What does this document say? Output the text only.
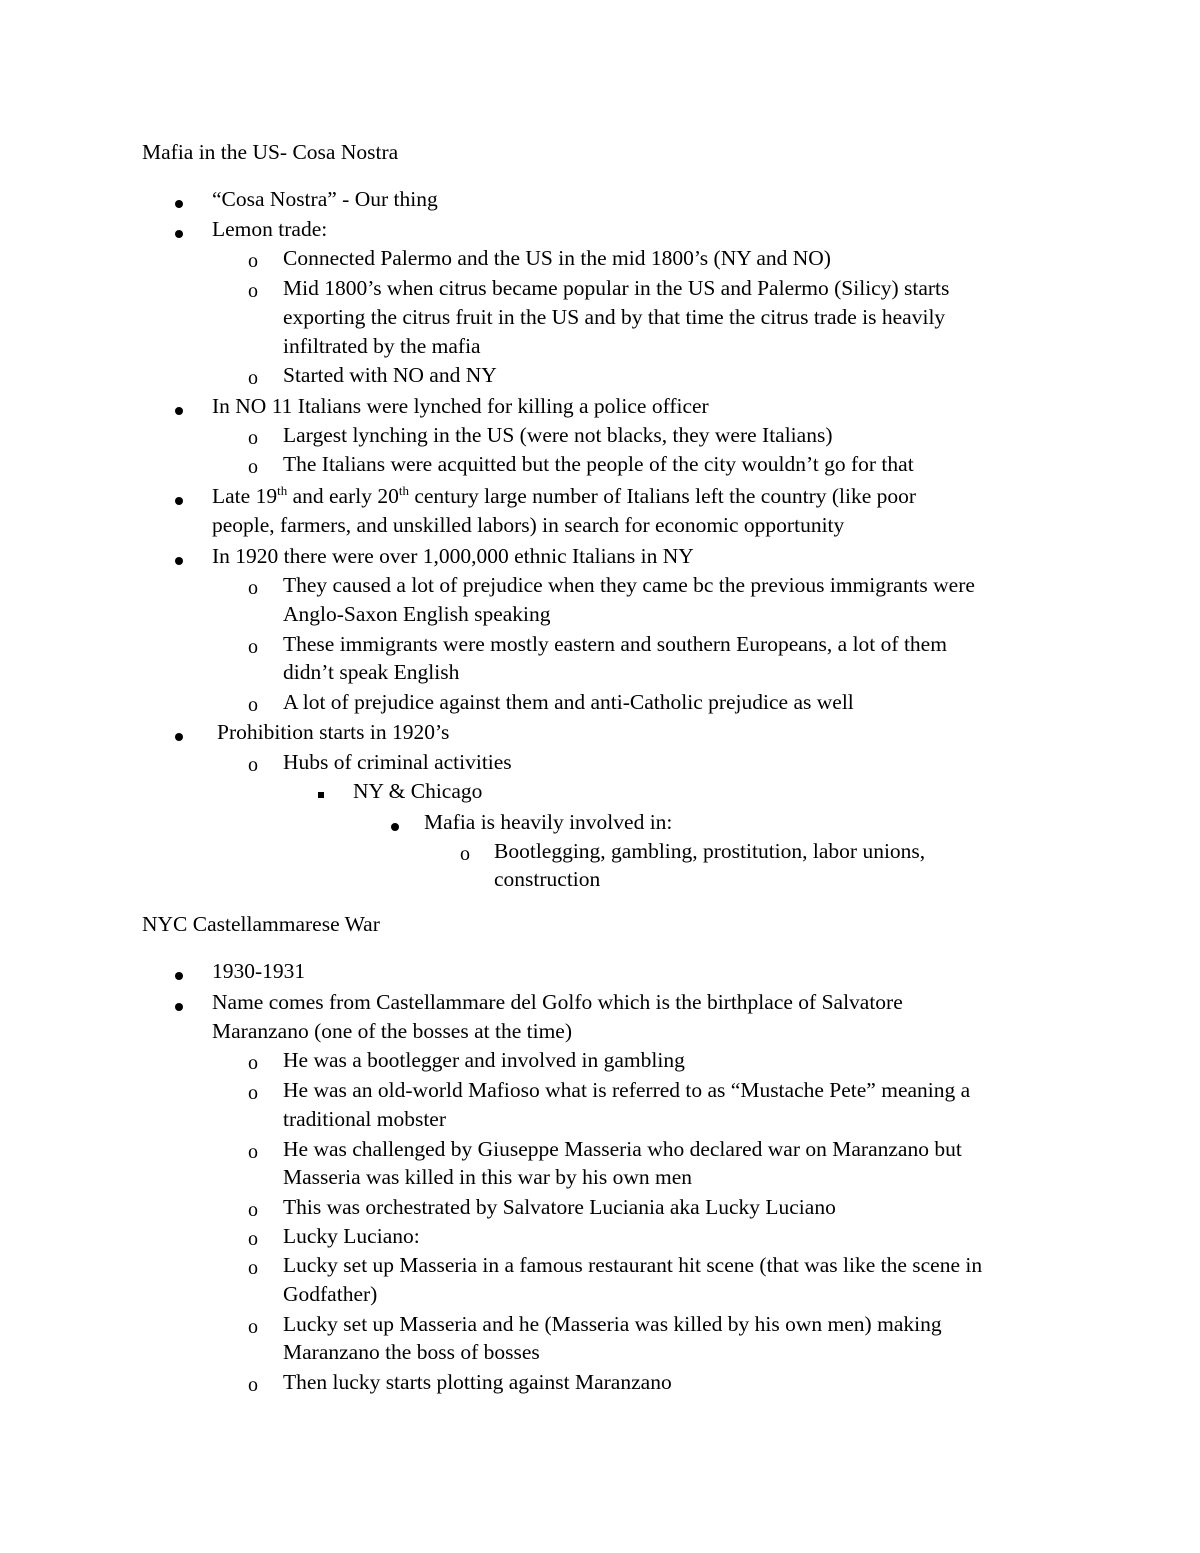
Mafia in the US- Cosa Nostra
“Cosa Nostra” - Our thing
Lemon trade:
o Connected Palermo and the US in the mid 1800’s (NY and NO)
o Mid 1800’s when citrus became popular in the US and Palermo (Silicy) starts
exporting the citrus fruit in the US and by that time the citrus trade is heavily
infiltrated by the mafia
o Started with NO and NY
In NO 11 Italians were lynched for killing a police officer
o Largest lynching in the US (were not blacks, they were Italians)
o The Italians were acquitted but the people of the city wouldn’t go for that
Late 19th and early 20th century large number of Italians left the country (like poor
people, farmers, and unskilled labors) in search for economic opportunity
In 1920 there were over 1,000,000 ethnic Italians in NY
o They caused a lot of prejudice when they came bc the previous immigrants were
Anglo-Saxon English speaking
o These immigrants were mostly eastern and southern Europeans, a lot of them
didn’t speak English
o A lot of prejudice against them and anti-Catholic prejudice as well
Prohibition starts in 1920’s
o Hubs of criminal activities
NY & Chicago
Mafia is heavily involved in:
o Bootlegging, gambling, prostitution, labor unions,
construction
NYC Castellammarese War
1930-1931
Name comes from Castellammare del Golfo which is the birthplace of Salvatore
Maranzano (one of the bosses at the time)
o He was a bootlegger and involved in gambling
o He was an old-world Mafioso what is referred to as “Mustache Pete” meaning a
traditional mobster
o He was challenged by Giuseppe Masseria who declared war on Maranzano but
Masseria was killed in this war by his own men
o This was orchestrated by Salvatore Luciania aka Lucky Luciano
o Lucky Luciano:
o Lucky set up Masseria in a famous restaurant hit scene (that was like the scene in
Godfather)
o Lucky set up Masseria and he (Masseria was killed by his own men) making
Maranzano the boss of bosses
o Then lucky starts plotting against Maranzano
